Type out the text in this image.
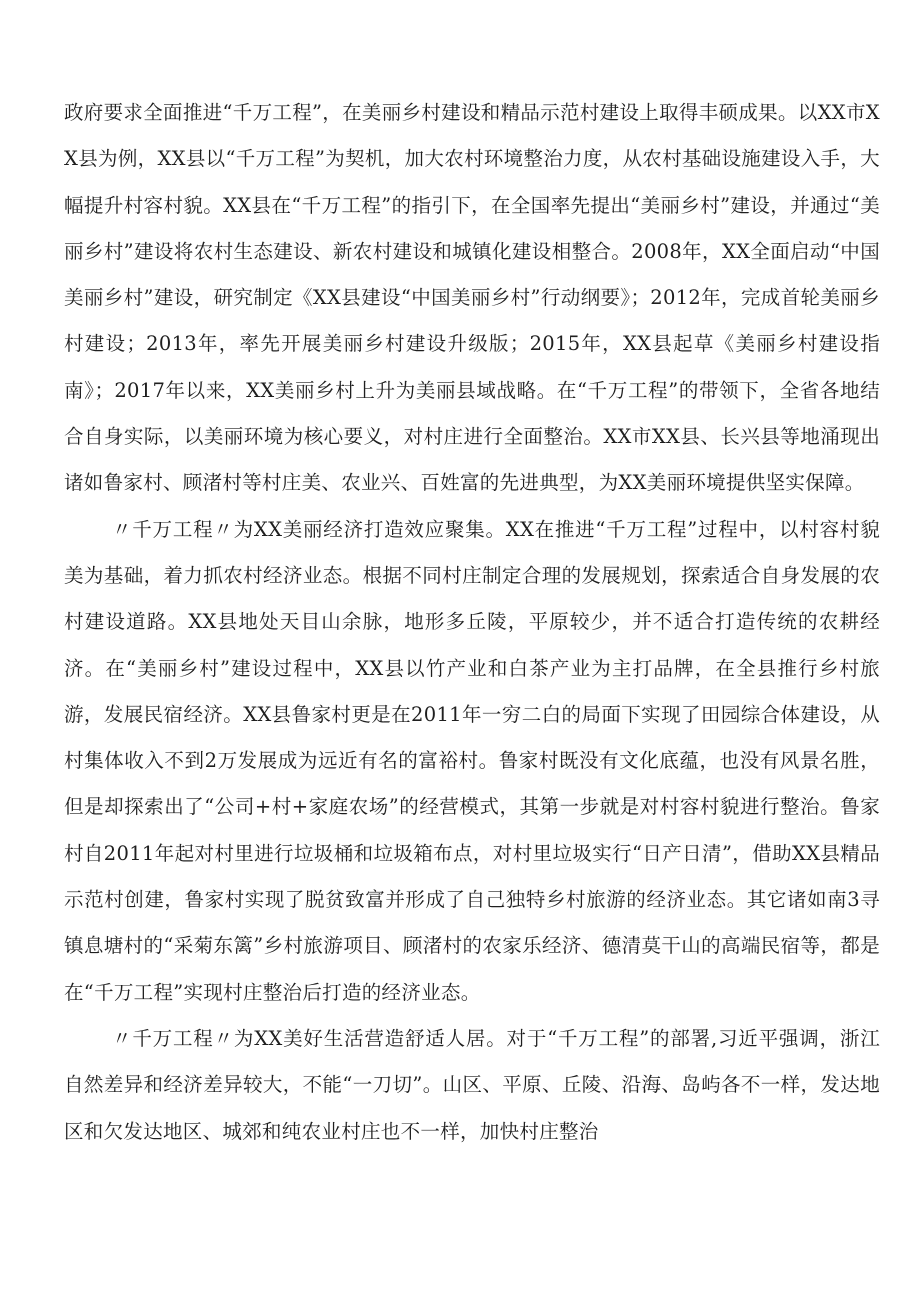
政府要求全面推进“千万工程”，在美丽乡村建设和精品示范村建设上取得丰硕成果。以XX市XX县为例，XX县以“千万工程”为契机，加大农村环境整治力度，从农村基础设施建设入手，大幅提升村容村貌。XX县在“千万工程”的指引下，在全国率先提出“美丽乡村”建设，并通过“美丽乡村”建设将农村生态建设、新农村建设和城镇化建设相整合。2008年，XX全面启动“中国美丽乡村”建设，研究制定《XX县建设“中国美丽乡村”行动纲要》；2012年，完成首轮美丽乡村建设；2013年，率先开展美丽乡村建设升级版；2015年，XX县起草《美丽乡村建设指南》；2017年以来，XX美丽乡村上升为美丽县域战略。在“千万工程”的带领下，全省各地结合自身实际，以美丽环境为核心要义，对村庄进行全面整治。XX市XX县、长兴县等地涌现出诸如鲁家村、顾渚村等村庄美、农业兴、百姓富的先进典型，为XX美丽环境提供坚实保障。

〃千万工程〃为XX美丽经济打造效应聚集。XX在推进“千万工程”过程中，以村容村貌美为基础，着力抓农村经济业态。根据不同村庄制定合理的发展规划，探索适合自身发展的农村建设道路。XX县地处天目山余脉，地形多丘陵，平原较少，并不适合打造传统的农耕经济。在“美丽乡村”建设过程中，XX县以竹产业和白茶产业为主打品牌，在全县推行乡村旅游，发展民宿经济。XX县鲁家村更是在2011年一穷二白的局面下实现了田园综合体建设，从村集体收入不到2万发展成为远近有名的富裕村。鲁家村既没有文化底蕴，也没有风景名胜，但是却探索出了“公司+村+家庭农场”的经营模式，其第一步就是对村容村貌进行整治。鲁家村自2011年起对村里进行垃圾桶和垃圾箱布点，对村里垃圾实行“日产日清”，借助XX县精品示范村创建，鲁家村实现了脱贫致富并形成了自己独特乡村旅游的经济业态。其它诸如南3寻镇息塘村的“采菊东篱”乡村旅游项目、顾渚村的农家乐经济、德清莫干山的高端民宿等，都是在“千万工程”实现村庄整治后打造的经济业态。

〃千万工程〃为XX美好生活营造舒适人居。对于“千万工程”的部署,习近平强调，浙江自然差异和经济差异较大，不能“一刀切”。山区、平原、丘陵、沿海、岛屿各不一样，发达地区和欠发达地区、城郊和纯农业村庄也不一样，加快村庄整治
